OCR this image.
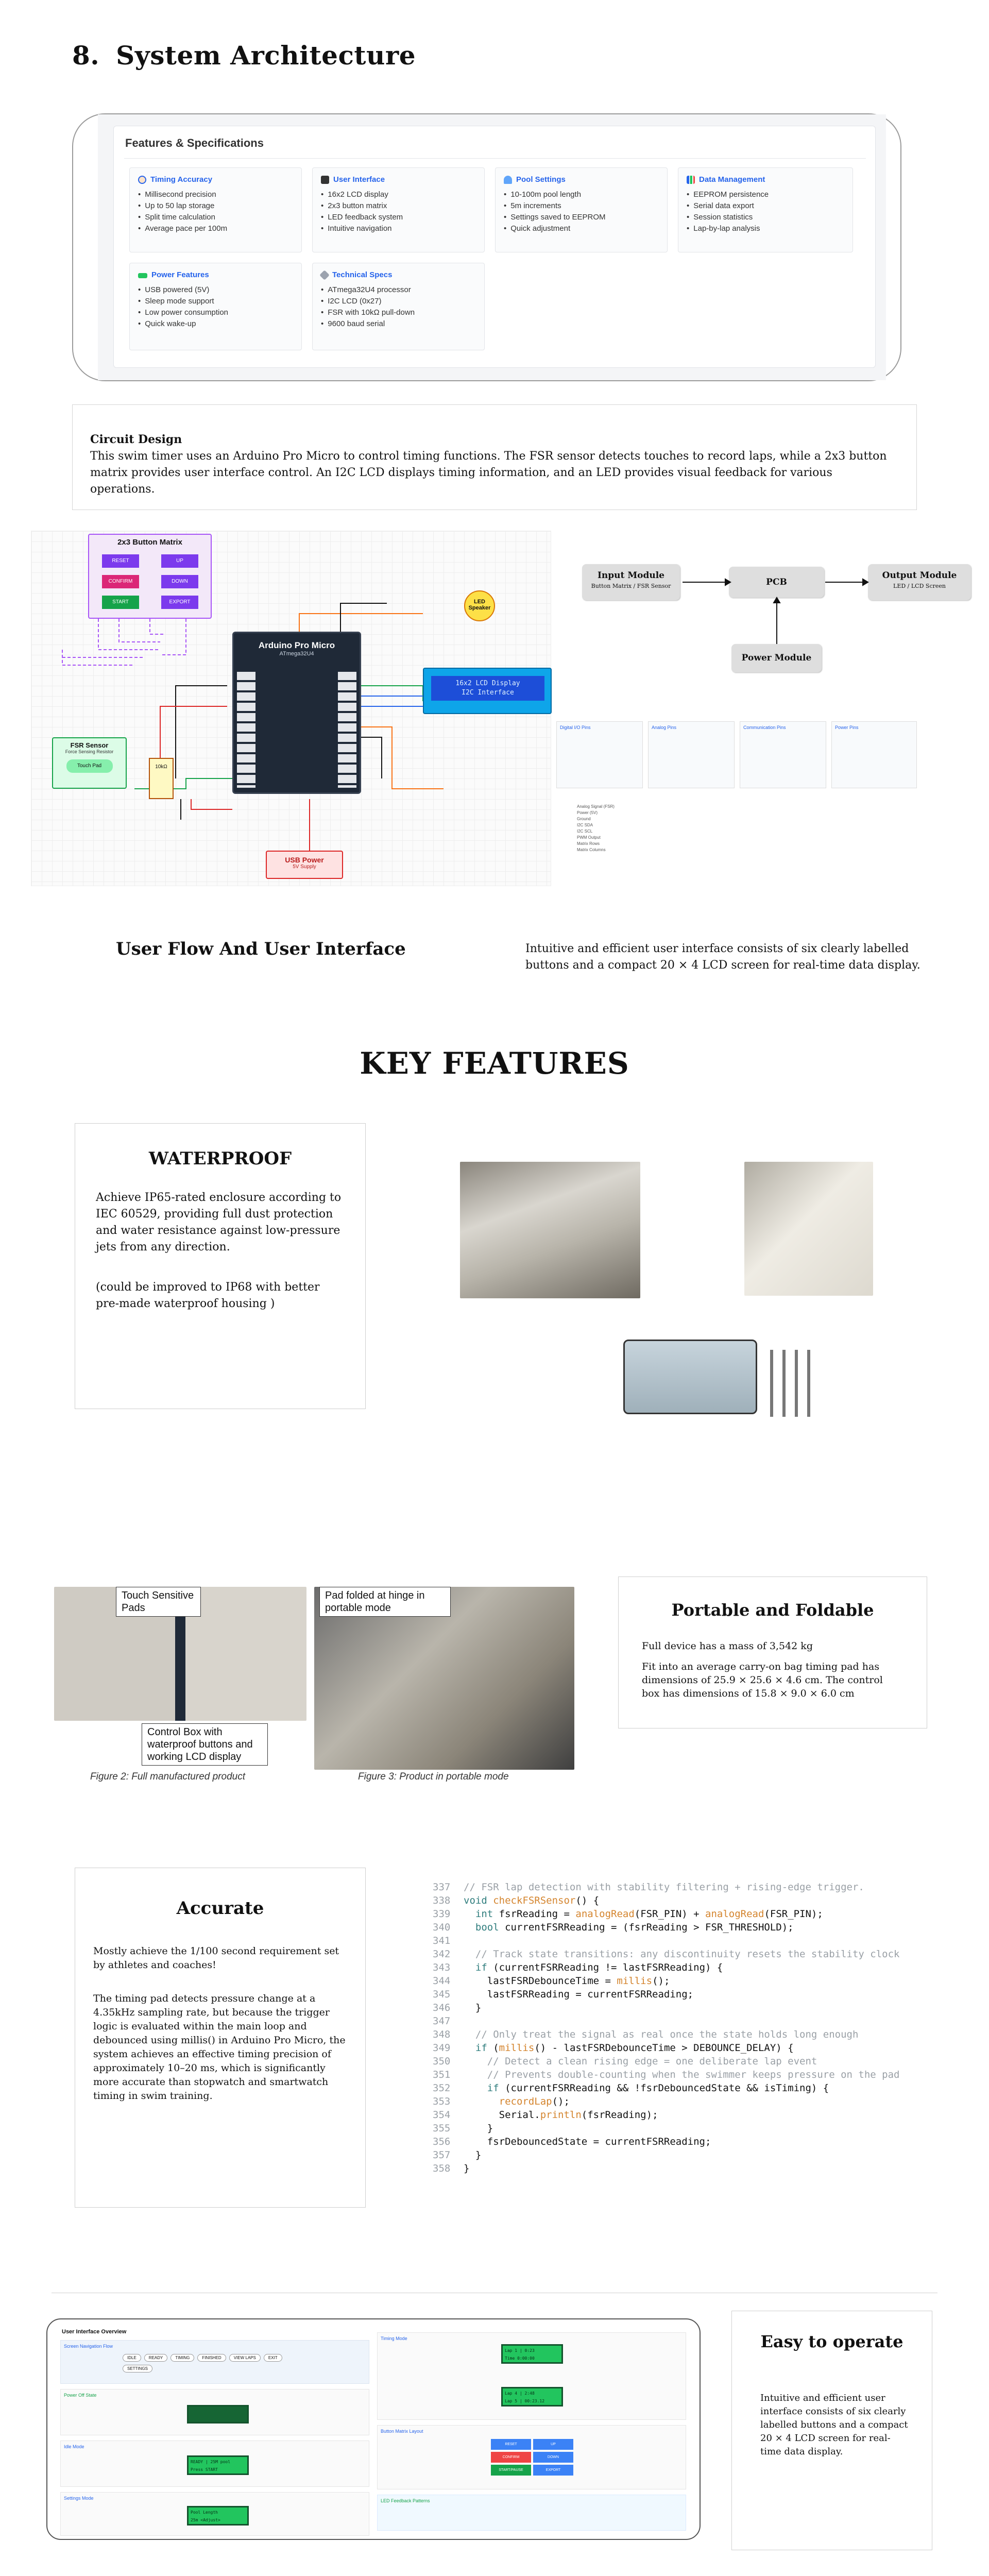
8. System Architecture
Features & Specifications
Timing Accuracy
• Millisecond precision
• Up to 50 lap storage
• Split time calculation
• Average pace per 100m
User Interface
• 16x2 LCD display
• 2x3 button matrix
• LED feedback system
• Intuitive navigation
Pool Settings
• 10-100m pool length
• 5m increments
• Settings saved to EEPROM
• Quick adjustment
Data Management
• EEPROM persistence
• Serial data export
• Session statistics
• Lap-by-lap analysis
Power Features
• USB powered (5V)
• Sleep mode support
• Low power consumption
• Quick wake-up
Technical Specs
• ATmega32U4 processor
• I2C LCD (0x27)
• FSR with 10kΩ pull-down
• 9600 baud serial
Circuit Design
This swim timer uses an Arduino Pro Micro to control timing functions. The FSR sensor detects touches to record laps, while a 2x3 button matrix provides user interface control. An I2C LCD displays timing information, and an LED provides visual feedback for various operations.
2x3 Button Matrix
RESET	UP
CONFIRM	DOWN
START	EXPORT
Arduino Pro Micro
ATmega32U4
LED Speaker
16x2 LCD Display
I2C Interface
FSR Sensor
Force Sensing Resistor
Touch Pad	10kΩ
USB Power
5V Supply
Digital I/O Pins	Analog Pins	Communication Pins	Power Pins
Analog Signal (FSR)
Power (5V)
Ground
I2C SDA
I2C SCL
PWM Output
Matrix Rows
Matrix Columns
Input Module
Button Matrix / FSR Sensor	PCB
Output Module
LED / LCD Screen
Power Module
User Flow And User Interface	Intuitive and efficient user interface consists of six clearly labelled buttons and a compact 20 × 4 LCD screen for real-time data display.
KEY FEATURES
WATERPROOF
Achieve IP65-rated enclosure according to IEC 60529, providing full dust protection and water resistance against low-pressure jets from any direction.
(could be improved to IP68 with better pre-made waterproof housing )
Touch Sensitive Pads
Control Box with waterproof buttons and working LCD display
Figure 2: Full manufactured product
Pad folded at hinge in portable mode
Figure 3: Product in portable mode
Portable and Foldable
Full device has a mass of 3,542 kg
Fit into an average carry-on bag timing pad has dimensions of 25.9 × 25.6 × 4.6 cm. The control box has dimensions of 15.8 × 9.0 × 6.0 cm
Accurate
Mostly achieve the 1/100 second requirement set by athletes and coaches!
The timing pad detects pressure change at a 4.35kHz sampling rate, but because the trigger logic is evaluated within the main loop and debounced using millis() in Arduino Pro Micro, the system achieves an effective timing precision of approximately 10–20 ms, which is significantly more accurate than stopwatch and smartwatch timing in swim training.
337 // FSR lap detection with stability filtering + rising-edge trigger.
338 void checkFSRSensor() {
339	int fsrReading = analogRead(FSR_PIN) + analogRead(FSR_PIN);
340	bool currentFSRReading = (fsrReading > FSR_THRESHOLD);
341
342  // Track state transitions: any discontinuity resets the stability clock
343	if (currentFSRReading != lastFSRReading) {
344    lastFSRDebounceTime = millis();
345    lastFSRReading = currentFSRReading;
346  }
347
348  // Only treat the signal as real once the state holds long enough
349	if (millis() - lastFSRDebounceTime > DEBOUNCE_DELAY) {
350    // Detect a clean rising edge = one deliberate lap event
351    // Prevents double-counting when the swimmer keeps pressure on the pad
352	if (currentFSRReading && !fsrDebouncedState && isTiming) {
353	recordLap();
354      Serial.println(fsrReading);
355    }
356    fsrDebouncedState = currentFSRReading;
357  }
358 }
User Interface Overview
Screen Navigation Flow
IDLE	READY	TIMING	FINISHED	VIEW LAPS	EXIT
SETTINGS
Power Off State
Idle Mode
READY | 25M pool
Press START
Settings Mode
Pool Length
25m <Adjust>
Timing Mode
Lap 1 | 0:23
Time 0:00:00
Lap 4 | 2:48
Lap 5 | 00:23.12
Button Matrix Layout
RESET	UP
CONFIRM	DOWN
START/PAUSE	EXPORT
LED Feedback Patterns
Easy to operate
Intuitive and efficient user interface consists of six clearly labelled buttons and a compact 20 × 4 LCD screen for real-time data display.
